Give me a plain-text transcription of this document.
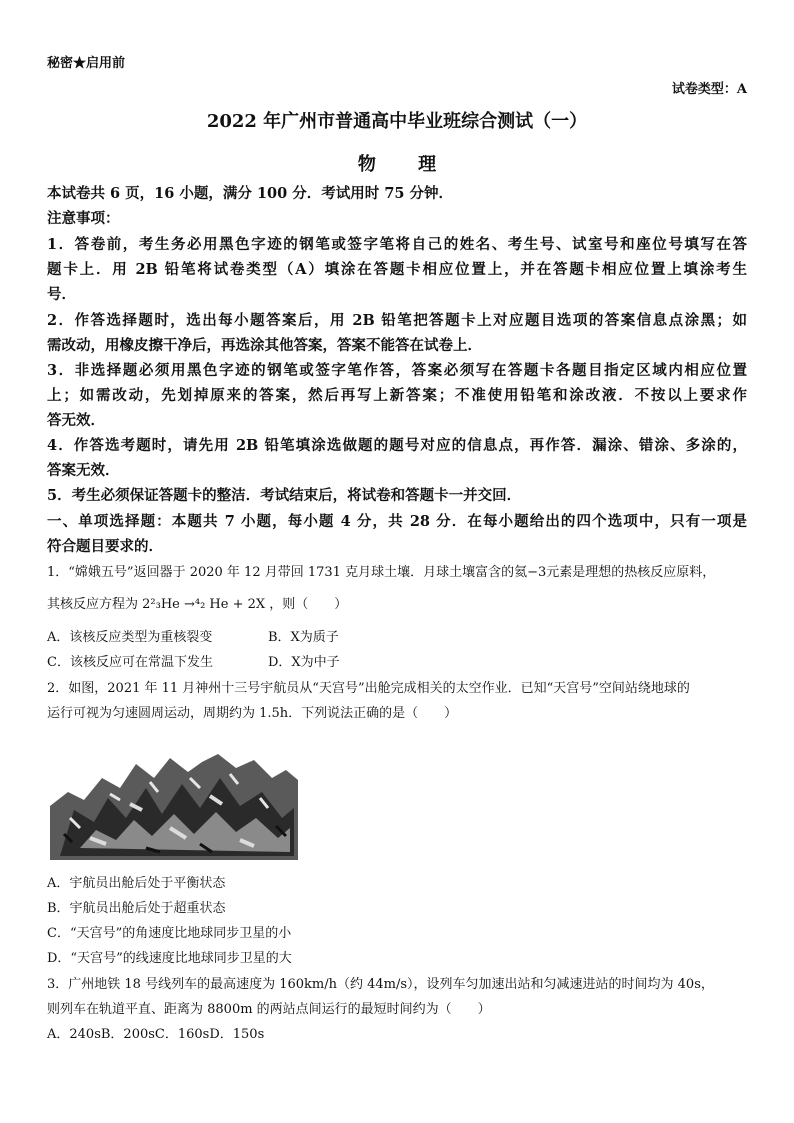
秘密★启用前
试卷类型：A
2022 年广州市普通高中毕业班综合测试（一）
物 理
本试卷共 6 页，16 小题，满分 100 分．考试用时 75 分钟．
注意事项：
1．答卷前，考生务必用黑色字迹的钢笔或签字笔将自己的姓名、考生号、试室号和座位号填写在答
题卡上．用 2B 铅笔将试卷类型（A）填涂在答题卡相应位置上，并在答题卡相应位置上填涂考生
号．
2．作答选择题时，选出每小题答案后，用 2B 铅笔把答题卡上对应题目选项的答案信息点涂黑；如
需改动，用橡皮擦干净后，再选涂其他答案，答案不能答在试卷上．
3．非选择题必须用黑色字迹的钢笔或签字笔作答，答案必须写在答题卡各题目指定区域内相应位置
上；如需改动，先划掉原来的答案，然后再写上新答案；不准使用铅笔和涂改液．不按以上要求作
答无效．
4．作答选考题时，请先用 2B 铅笔填涂选做题的题号对应的信息点，再作答．漏涂、错涂、多涂的，
答案无效．
5．考生必须保证答题卡的整洁．考试结束后，将试卷和答题卡一并交回．
一、单项选择题：本题共 7 小题，每小题 4 分，共 28 分．在每小题给出的四个选项中，只有一项是
符合题目要求的．
1．“嫦娥五号”返回器于 2020 年 12 月带回 1731 克月球土壤．月球土壤富含的氦−3元素是理想的热核反应原料，
其核反应方程为 2²₃He →⁴₂ He + 2X ，则（　　）
A．该核反应类型为重核裂变	B．X为质子
C．该核反应可在常温下发生	D．X为中子
2．如图，2021 年 11 月神州十三号宇航员从“天宫号”出舱完成相关的太空作业．已知“天宫号”空间站绕地球的
运行可视为匀速圆周运动，周期约为 1.5h．下列说法正确的是（　　）
A．宇航员出舱后处于平衡状态
B．宇航员出舱后处于超重状态
C．“天宫号”的角速度比地球同步卫星的小
D．“天宫号”的线速度比地球同步卫星的大
3．广州地铁 18 号线列车的最高速度为 160km/h（约 44m/s），设列车匀加速出站和匀减速进站的时间均为 40s，
则列车在轨道平直、距离为 8800m 的两站点间运行的最短时间约为（　　）
A．240sB．200sC．160sD．150s
